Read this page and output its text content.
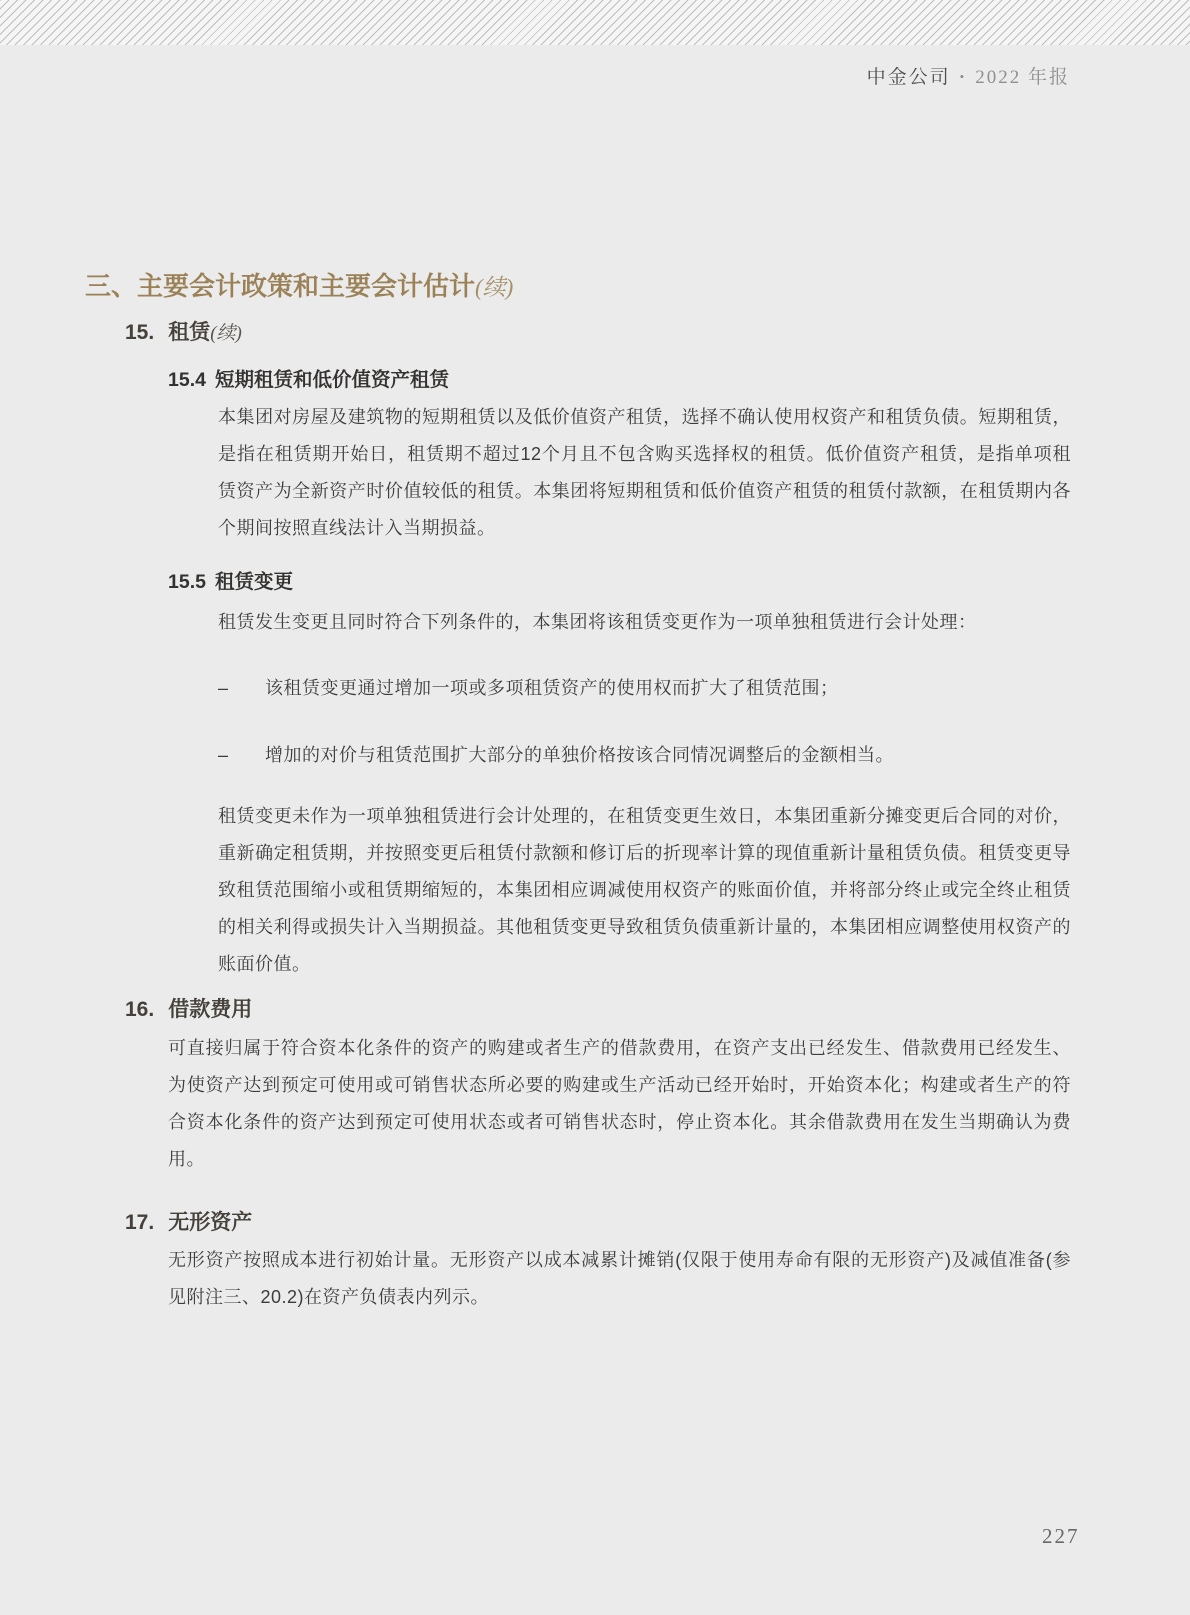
中金公司 • 2022 年报
三、主要会计政策和主要会计估计(续)
15. 租赁(续)
15.4 短期租赁和低价值资产租赁
本集团对房屋及建筑物的短期租赁以及低价值资产租赁，选择不确认使用权资产和租赁负债。短期租赁，是指在租赁期开始日，租赁期不超过12个月且不包含购买选择权的租赁。低价值资产租赁，是指单项租赁资产为全新资产时价值较低的租赁。本集团将短期租赁和低价值资产租赁的租赁付款额，在租赁期内各个期间按照直线法计入当期损益。
15.5 租赁变更
租赁发生变更且同时符合下列条件的，本集团将该租赁变更作为一项单独租赁进行会计处理：
–	该租赁变更通过增加一项或多项租赁资产的使用权而扩大了租赁范围；
–	增加的对价与租赁范围扩大部分的单独价格按该合同情况调整后的金额相当。
租赁变更未作为一项单独租赁进行会计处理的，在租赁变更生效日，本集团重新分摊变更后合同的对价，重新确定租赁期，并按照变更后租赁付款额和修订后的折现率计算的现值重新计量租赁负债。租赁变更导致租赁范围缩小或租赁期缩短的，本集团相应调减使用权资产的账面价值，并将部分终止或完全终止租赁的相关利得或损失计入当期损益。其他租赁变更导致租赁负债重新计量的，本集团相应调整使用权资产的账面价值。
16. 借款费用
可直接归属于符合资本化条件的资产的购建或者生产的借款费用，在资产支出已经发生、借款费用已经发生、为使资产达到预定可使用或可销售状态所必要的购建或生产活动已经开始时，开始资本化；构建或者生产的符合资本化条件的资产达到预定可使用状态或者可销售状态时，停止资本化。其余借款费用在发生当期确认为费用。
17. 无形资产
无形资产按照成本进行初始计量。无形资产以成本减累计摊销(仅限于使用寿命有限的无形资产)及减值准备(参见附注三、20.2)在资产负债表内列示。
227
